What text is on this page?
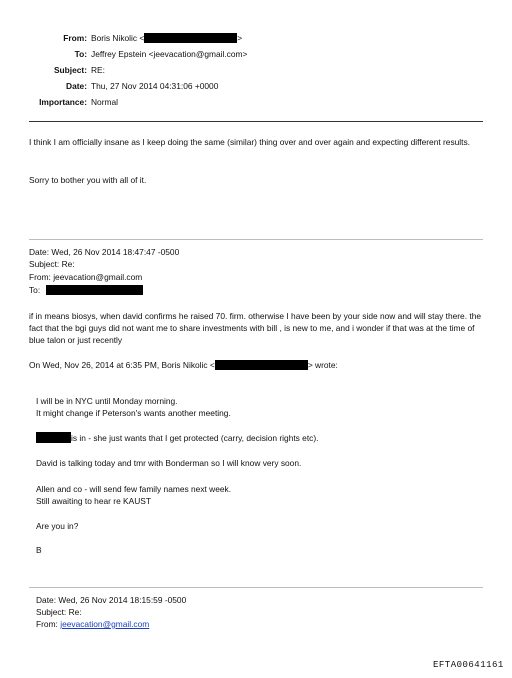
From: Boris Nikolic <	>
To: Jeffrey Epstein <jeevacation@gmail.com>
Subject: RE:
Date: Thu, 27 Nov 2014 04:31:06 +0000
Importance: Normal
I think I am officially insane as I keep doing the same (similar) thing over and over again and expecting different results.
Sorry to bother you with all of it.
Date: Wed, 26 Nov 2014 18:47:47 -0500
Subject: Re:
From: jeevacation@gmail.com
To:
if in means biosys, when david confirms he raised 70. firm. otherwise I have been by your side now and will stay there. the fact that the bgi guys did not want me to share investments with bill , is new to me, and i wonder if that was at the time of blue talon or just recently
On Wed, Nov 26, 2014 at 6:35 PM, Boris Nikolic <	> wrote:
I will be in NYC until Monday morning.
It might change if Peterson's wants another meeting.
is in - she just wants that I get protected (carry, decision rights etc).
David is talking today and tmr with Bonderman so I will know very soon.
Allen and co - will send few family names next week.
Still awaiting to hear re KAUST
Are you in?
B
Date: Wed, 26 Nov 2014 18:15:59 -0500
Subject: Re:
From: jeevacation@gmail.com
EFTA00641161
